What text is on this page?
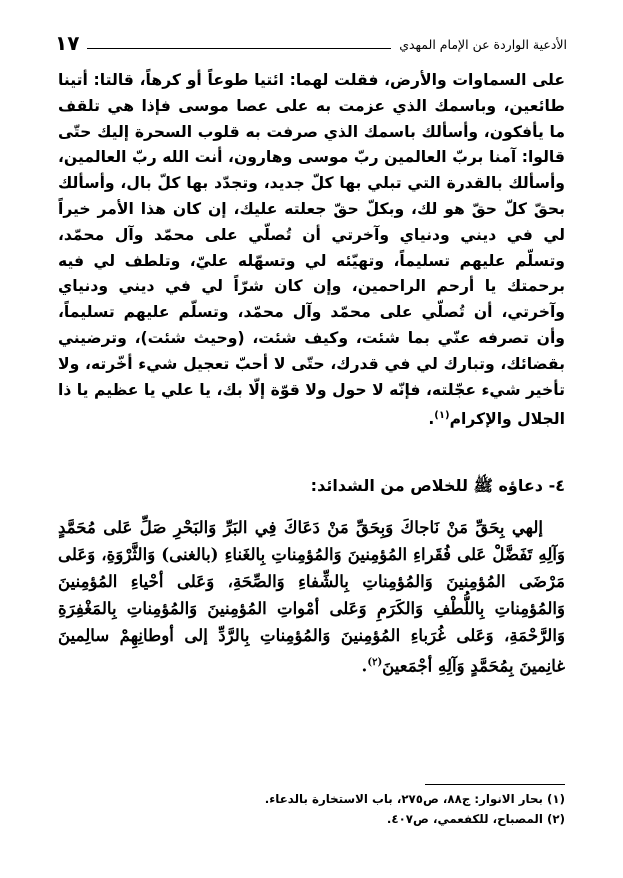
الأدعية الواردة عن الإمام المهدي
١٧

على السماوات والأرض، فقلت لهما: ائتيا طوعاً أو كرهاً، قالتا: أتينا طائعين، وباسمك الذي عزمت به على عصا موسى فإذا هي تلقف ما يأفكون، وأسألك باسمك الذي صرفت به قلوب السحرة إليك حتّى قالوا: آمنا بربّ العالمين ربّ موسى وهارون، أنت الله ربّ العالمين، وأسألك بالقدرة التي تبلي بها كلّ جديد، وتجدّد بها كلّ بال، وأسألك بحقّ كلّ حقّ هو لك، وبكلّ حقّ جعلته عليك، إن كان هذا الأمر خيراً لي في ديني ودنياي وآخرتي أن تُصلّي على محمّد وآل محمّد، وتسلّم عليهم تسليماً، وتهيّئه لي وتسهّله عليّ، وتلطف لي فيه برحمتك يا أرحم الراحمين، وإن كان شرّاً لي في ديني ودنياي وآخرتي، أن تُصلّي على محمّد وآل محمّد، وتسلّم عليهم تسليماً، وأن تصرفه عنّي بما شئت، وكيف شئت، (وحيث شئت)، وترضيني بقضائك، وتبارك لي في قدرك، حتّى لا أحبّ تعجيل شيء أخّرته، ولا تأخير شيء عجّلته، فإنّه لا حول ولا قوّة إلّا بك، يا علي يا عظيم يا ذا الجلال والإكرام$^{(١)}$.

٤- دعاؤه ﷺ للخلاص من الشدائد:
إلهي بِحَقِّ مَنْ نَاجاكَ وَبِحَقِّ مَنْ دَعَاكَ فِي البَرِّ وَالبَحْرِ صَلِّ عَلى مُحَمَّدٍ وَآلِهِ تَفَضَّلْ عَلى فُقَراءِ المُؤمِنينَ وَالمُؤمِناتِ بِالغَناءِ (بالغنى) وَالثَّرْوَةِ، وَعَلى مَرْضَى المُؤمِنينَ وَالمُؤمِناتِ بِالشِّفاءِ وَالصِّحَةِ، وَعَلى أحْياءِ المُؤمِنينَ وَالمُؤمِناتِ بِاللُّطْفِ وَالكَرَمِ وَعَلى أمْواتِ المُؤمِنينَ وَالمُؤمِناتِ بِالمَغْفِرَةِ وَالرَّحْمَةِ، وَعَلى غُرَباءِ المُؤمِنينَ وَالمُؤمِناتِ بِالرَّدِّ إلى أوطانِهِمْ سالِمينَ غانِمينَ بِمُحَمَّدٍ وَآلِهِ أجْمَعينَ$^{(٢)}$.
(١) بحار الانوار: ج٨٨، ص٢٧٥، باب الاستخارة بالدعاء.
(٢) المصباح، للكفعمي، ص٤٠٧.
